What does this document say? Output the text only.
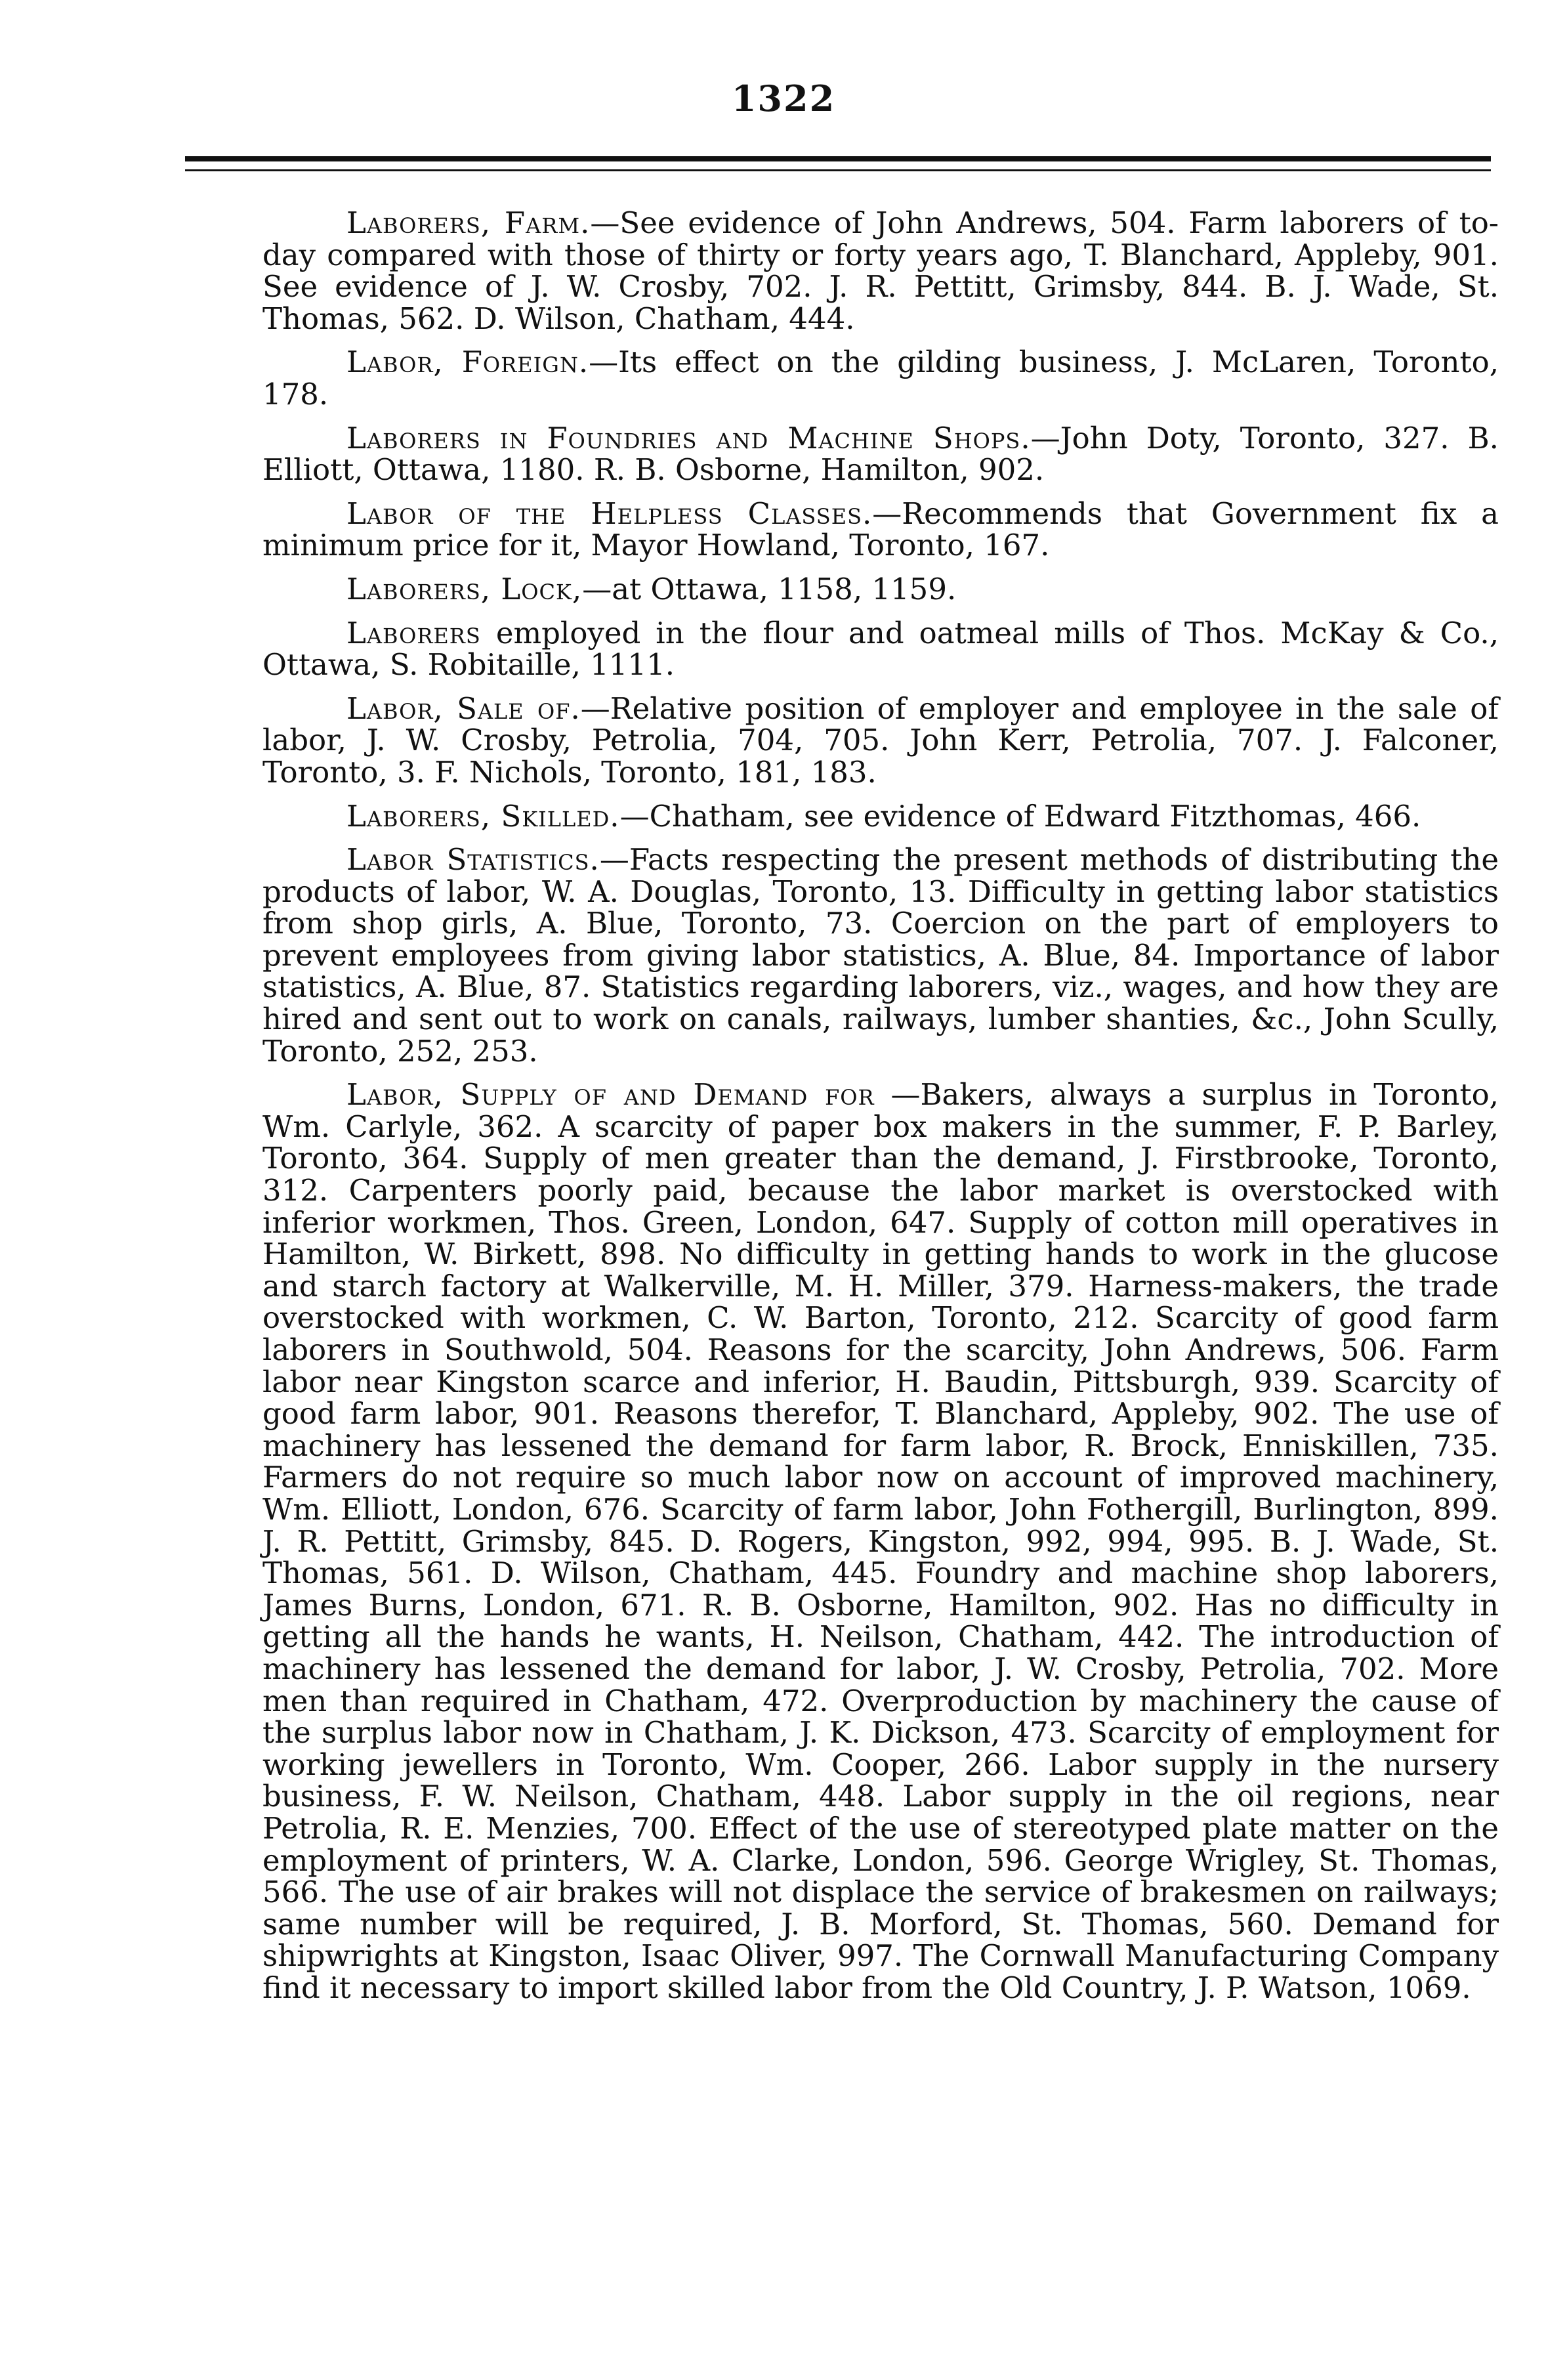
1322

Laborers, Farm.—See evidence of John Andrews, 504. Farm laborers of to-day compared with those of thirty or forty years ago, T. Blanchard, Appleby, 901. See evidence of J. W. Crosby, 702. J. R. Pettitt, Grimsby, 844. B. J. Wade, St. Thomas, 562. D. Wilson, Chatham, 444.

Labor, Foreign.—Its effect on the gilding business, J. McLaren, Toronto, 178.

Laborers in Foundries and Machine Shops.—John Doty, Toronto, 327. B. Elliott, Ottawa, 1180. R. B. Osborne, Hamilton, 902.

Labor of the Helpless Classes.—Recommends that Government fix a minimum price for it, Mayor Howland, Toronto, 167.

Laborers, Lock,—at Ottawa, 1158, 1159.

Laborers employed in the flour and oatmeal mills of Thos. McKay & Co., Ottawa, S. Robitaille, 1111.

Labor, Sale of.—Relative position of employer and employee in the sale of labor, J. W. Crosby, Petrolia, 704, 705. John Kerr, Petrolia, 707. J. Falconer, Toronto, 3. F. Nichols, Toronto, 181, 183.

Laborers, Skilled.—Chatham, see evidence of Edward Fitzthomas, 466.

Labor Statistics.—Facts respecting the present methods of distributing the products of labor, W. A. Douglas, Toronto, 13. Difficulty in getting labor statistics from shop girls, A. Blue, Toronto, 73. Coercion on the part of employers to prevent employees from giving labor statistics, A. Blue, 84. Importance of labor statistics, A. Blue, 87. Statistics regarding laborers, viz., wages, and how they are hired and sent out to work on canals, railways, lumber shanties, &c., John Scully, Toronto, 252, 253.

Labor, Supply of and Demand for —Bakers, always a surplus in Toronto, Wm. Carlyle, 362. A scarcity of paper box makers in the summer, F. P. Barley, Toronto, 364. Supply of men greater than the demand, J. Firstbrooke, Toronto, 312. Carpenters poorly paid, because the labor market is overstocked with inferior workmen, Thos. Green, London, 647. Supply of cotton mill operatives in Hamilton, W. Birkett, 898. No difficulty in getting hands to work in the glucose and starch factory at Walkerville, M. H. Miller, 379. Harness-makers, the trade overstocked with workmen, C. W. Barton, Toronto, 212. Scarcity of good farm laborers in Southwold, 504. Reasons for the scarcity, John Andrews, 506. Farm labor near Kingston scarce and inferior, H. Baudin, Pittsburgh, 939. Scarcity of good farm labor, 901. Reasons therefor, T. Blanchard, Appleby, 902. The use of machinery has lessened the demand for farm labor, R. Brock, Enniskillen, 735. Farmers do not require so much labor now on account of improved machinery, Wm. Elliott, London, 676. Scarcity of farm labor, John Fothergill, Burlington, 899. J. R. Pettitt, Grimsby, 845. D. Rogers, Kingston, 992, 994, 995. B. J. Wade, St. Thomas, 561. D. Wilson, Chatham, 445. Foundry and machine shop laborers, James Burns, London, 671. R. B. Osborne, Hamilton, 902. Has no difficulty in getting all the hands he wants, H. Neilson, Chatham, 442. The introduction of machinery has lessened the demand for labor, J. W. Crosby, Petrolia, 702. More men than required in Chatham, 472. Overproduction by machinery the cause of the surplus labor now in Chatham, J. K. Dickson, 473. Scarcity of employment for working jewellers in Toronto, Wm. Cooper, 266. Labor supply in the nursery business, F. W. Neilson, Chatham, 448. Labor supply in the oil regions, near Petrolia, R. E. Menzies, 700. Effect of the use of stereotyped plate matter on the employment of printers, W. A. Clarke, London, 596. George Wrigley, St. Thomas, 566. The use of air brakes will not displace the service of brakesmen on railways; same number will be required, J. B. Morford, St. Thomas, 560. Demand for shipwrights at Kingston, Isaac Oliver, 997. The Cornwall Manufacturing Company find it necessary to import skilled labor from the Old Country, J. P. Watson, 1069.
